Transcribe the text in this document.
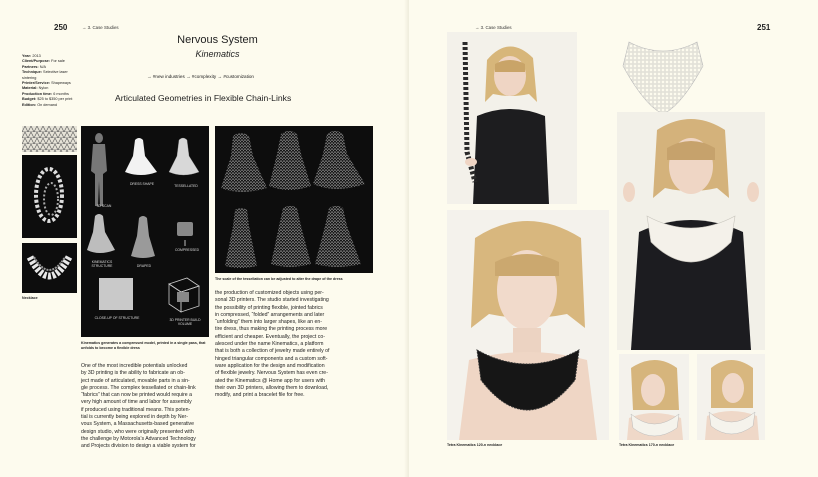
250	→ 3. Case Studies
Year: 2013
Client/Purpose: For sale
Partners: N/A
Technique: Selective laser
sintering
Printer/Service: Shapeways
Material: Nylon
Production time: 6 months
Budget: $25 to $350 per print
Edition: On demand
Nervous System
Kinematics
→ #new industries → #complexity → #customization
Articulated Geometries in Flexible Chain-Links
Necklace
3D SCAN
DRESS SHAPE	TESSELLATED
KINEMATICS STRUCTURE	DRAPED
COMPRESSED
CLOSE-UP OF STRUCTURE	3D PRINTER BUILD VOLUME
Kinematics generates a compressed model, printed in a single pass, that unfolds to become a flexible dress
The scale of the tessellation can be adjusted to alter the drape of the dress
One of the most incredible potentials unlocked
by 3D printing is the ability to fabricate an ob-
ject made of articulated, movable parts in a sin-
gle process. The complex tessellated or chain-link
“fabrics” that can now be printed would require a
very high amount of time and labor for assembly
if produced using traditional means. This poten-
tial is currently being explored in depth by Ner-
vous System, a Massachusetts-based generative
design studio, who were originally presented with
the challenge by Motorola’s Advanced Technology
and Projects division to design a viable system for
the production of customized objects using per-
sonal 3D printers. The studio started investigating
the possibility of printing flexible, jointed fabrics
in compressed, “folded” arrangements and later
“unfolding” them into larger shapes, like an en-
tire dress, thus making the printing process more
efficient and cheaper. Eventually, the project co-
alesced under the name Kinematics, a platform
that is both a collection of jewelry made entirely of
hinged triangular components and a custom soft-
ware application for the design and modification
of flexible jewelry. Nervous System has even cre-
ated the Kinematics @ Home app for users with
their own 3D printers, allowing them to download,
modify, and print a bracelet file for free.
→ 3. Case Studies	251
Tetra Kinematics 120-n necklace	Tetra Kinematics 170-n necklace
